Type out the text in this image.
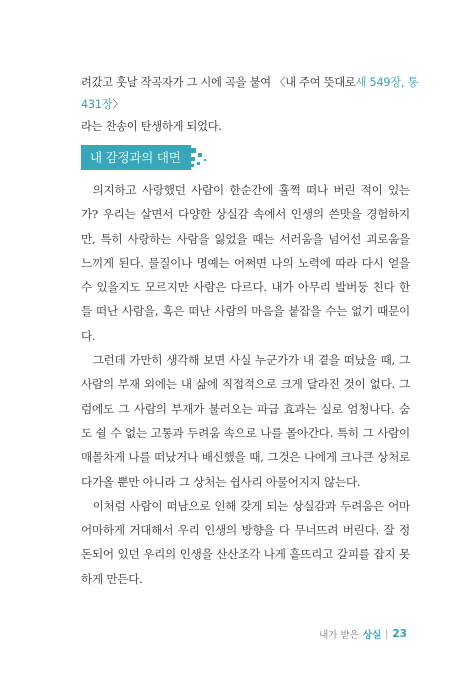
려갔고 훗날 작곡자가 그 시에 곡을 붙여 〈내 주여 뜻대로새 549장, 통 431장〉
라는 찬송이 탄생하게 되었다.
내 감정과의 대면

의지하고 사랑했던 사람이 한순간에 훌쩍 떠나 버린 적이 있는가? 우리는 살면서 다양한 상실감 속에서 인생의 쓴맛을 경험하지만, 특히 사랑하는 사람을 잃었을 때는 서러움을 넘어선 괴로움을 느끼게 된다. 물질이나 명예는 어쩌면 나의 노력에 따라 다시 얻을 수 있을지도 모르지만 사람은 다르다. 내가 아무리 발버둥 친다 한들 떠난 사람을, 혹은 떠난 사람의 마음을 붙잡을 수는 없기 때문이다.

그런데 가만히 생각해 보면 사실 누군가가 내 곁을 떠났을 때, 그 사람의 부재 외에는 내 삶에 직접적으로 크게 달라진 것이 없다. 그럼에도 그 사람의 부재가 불러오는 파급 효과는 실로 엄청나다. 숨도 쉴 수 없는 고통과 두려움 속으로 나를 몰아간다. 특히 그 사람이 매몰차게 나를 떠났거나 배신했을 때, 그것은 나에게 크나큰 상처로 다가올 뿐만 아니라 그 상처는 쉽사리 아물어지지 않는다.

이처럼 사람이 떠남으로 인해 갖게 되는 상실감과 두려움은 어마어마하게 거대해서 우리 인생의 방향을 다 무너뜨려 버린다. 잘 정돈되어 있던 우리의 인생을 산산조각 나게 흩뜨리고 갈피를 잡지 못하게 만든다.

내가 받은 상실 | 23
